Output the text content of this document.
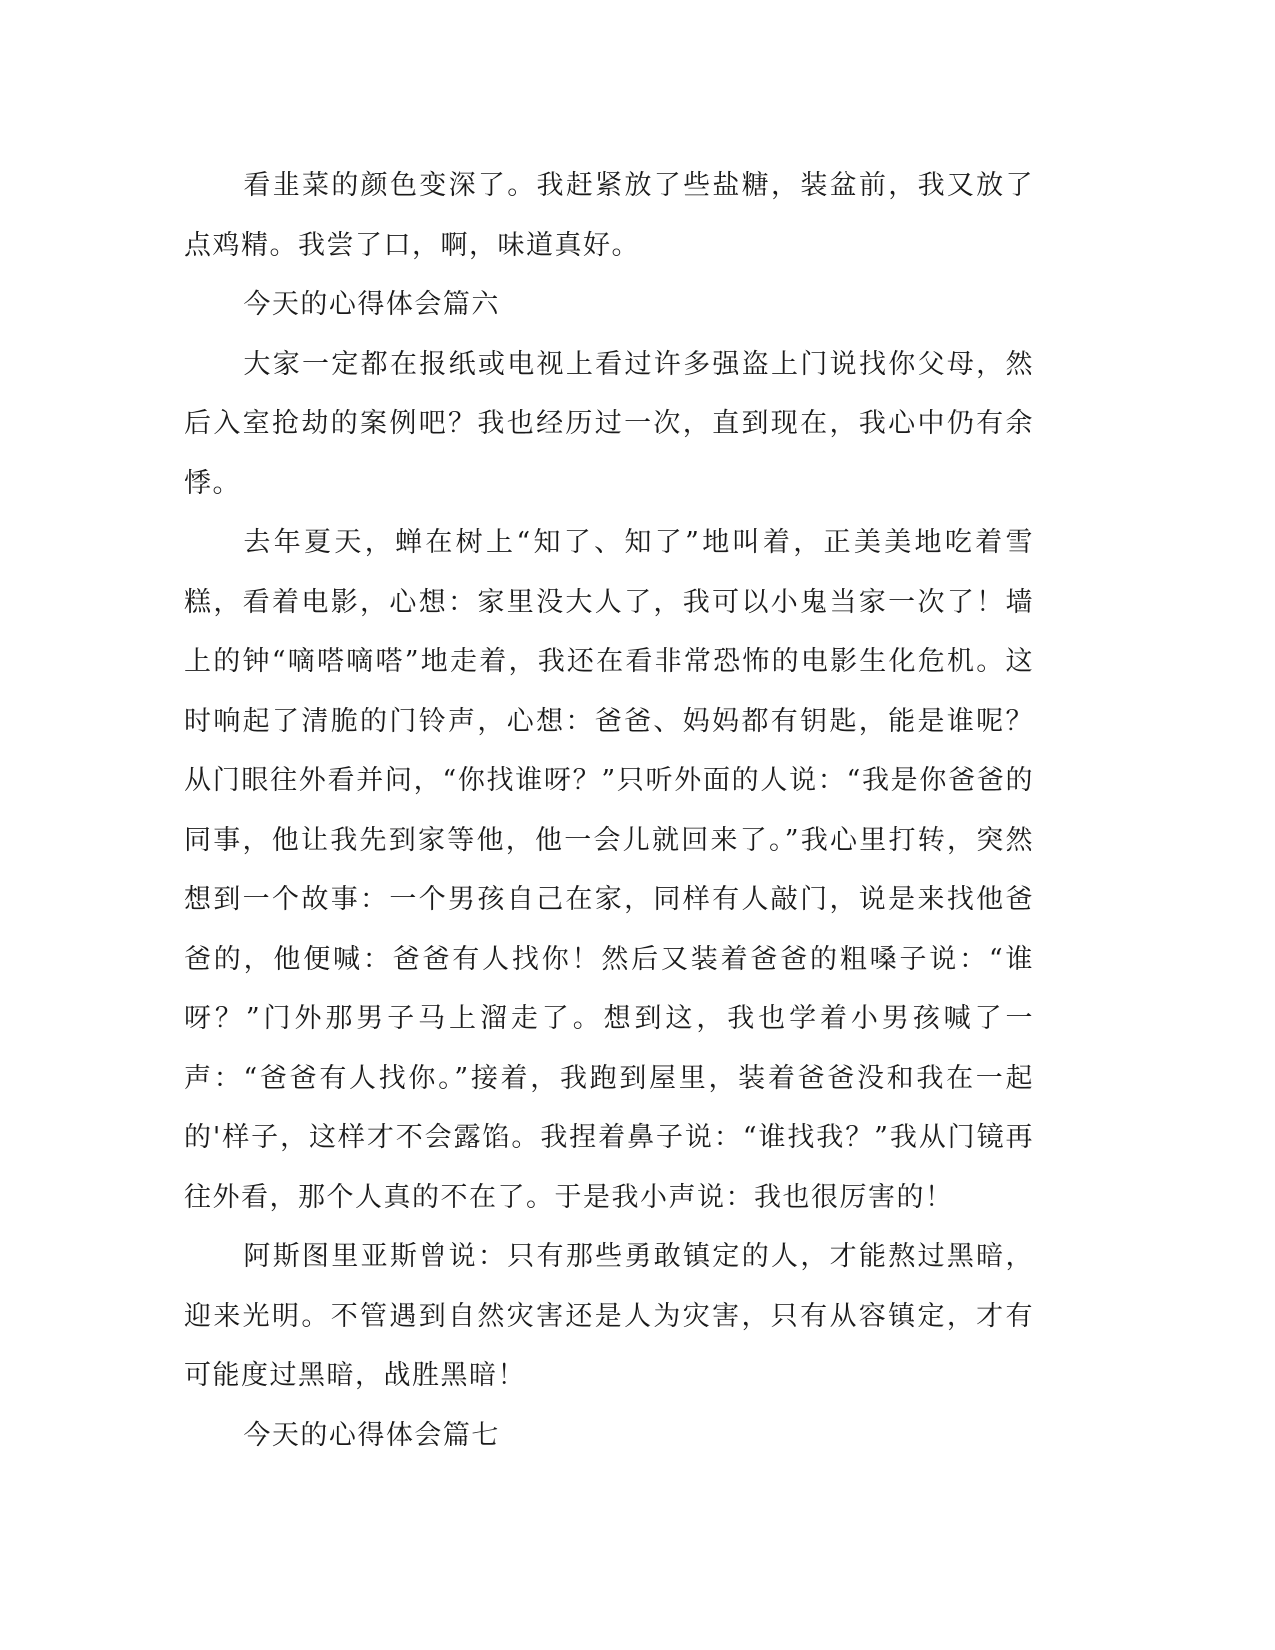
看韭菜的颜色变深了。我赶紧放了些盐糖，装盆前，我又放了点鸡精。我尝了口，啊，味道真好。

今天的心得体会篇六

大家一定都在报纸或电视上看过许多强盗上门说找你父母，然后入室抢劫的案例吧？我也经历过一次，直到现在，我心中仍有余悸。

去年夏天，蝉在树上“知了、知了”地叫着，正美美地吃着雪糕，看着电影，心想：家里没大人了，我可以小鬼当家一次了！墙上的钟“嘀嗒嘀嗒”地走着，我还在看非常恐怖的电影生化危机。这时响起了清脆的门铃声，心想：爸爸、妈妈都有钥匙，能是谁呢？从门眼往外看并问，“你找谁呀？”只听外面的人说：“我是你爸爸的同事，他让我先到家等他，他一会儿就回来了。”我心里打转，突然想到一个故事：一个男孩自己在家，同样有人敲门，说是来找他爸爸的，他便喊：爸爸有人找你！然后又装着爸爸的粗嗓子说：“谁呀？”门外那男子马上溜走了。想到这，我也学着小男孩喊了一声：“爸爸有人找你。”接着，我跑到屋里，装着爸爸没和我在一起的'样子，这样才不会露馅。我捏着鼻子说：“谁找我？”我从门镜再往外看，那个人真的不在了。于是我小声说：我也很厉害的！

阿斯图里亚斯曾说：只有那些勇敢镇定的人，才能熬过黑暗，迎来光明。不管遇到自然灾害还是人为灾害，只有从容镇定，才有可能度过黑暗，战胜黑暗！

今天的心得体会篇七
